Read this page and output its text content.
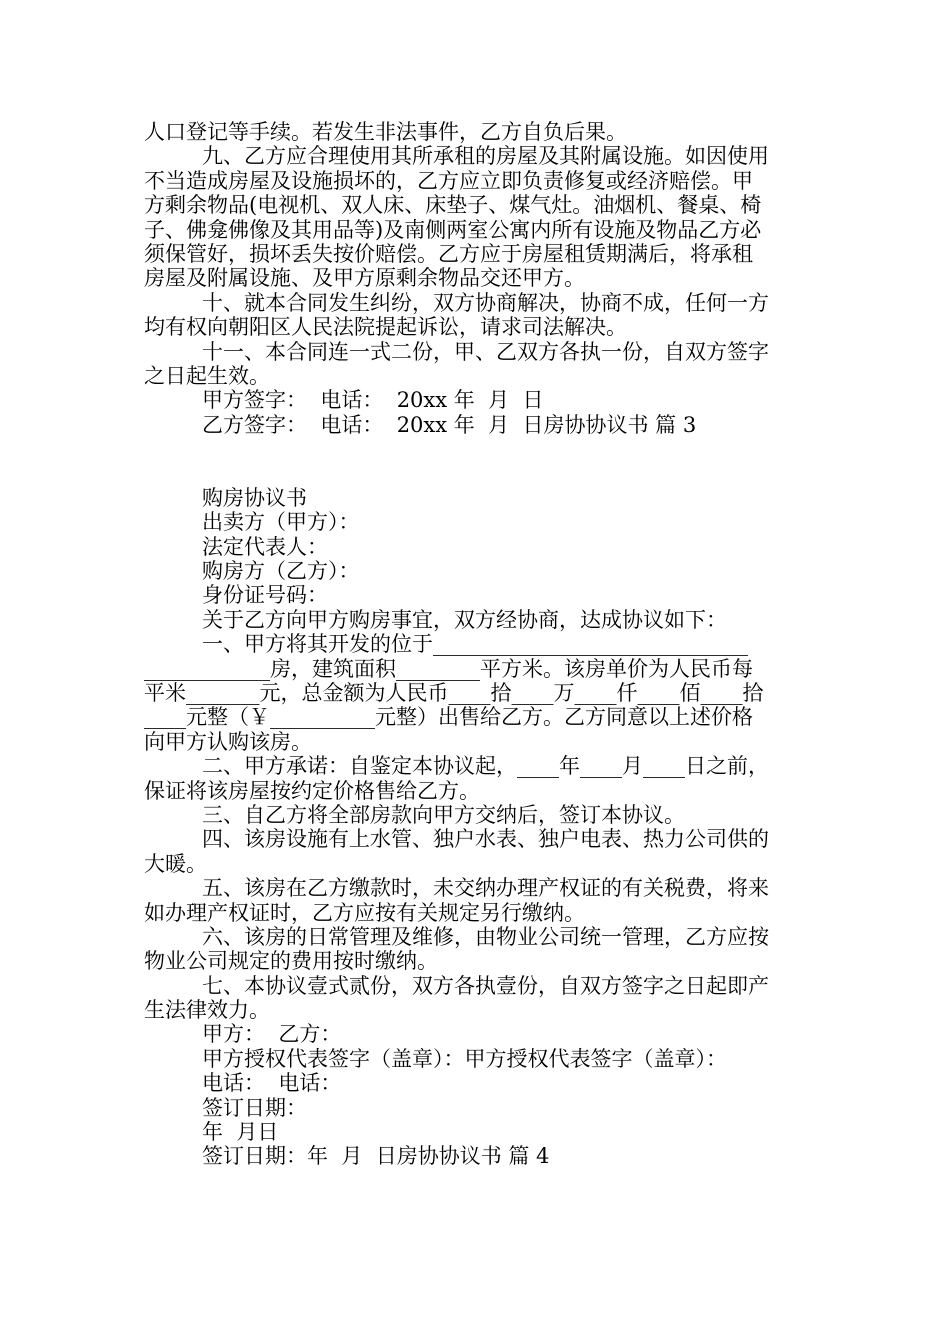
人口登记等手续。若发生非法事件，乙方自负后果。
九、乙方应合理使用其所承租的房屋及其附属设施。如因使用
不当造成房屋及设施损坏的，乙方应立即负责修复或经济赔偿。甲
方剩余物品(电视机、双人床、床垫子、煤气灶。油烟机、餐桌、椅
子、佛龛佛像及其用品等)及南侧两室公寓内所有设施及物品乙方必
须保管好，损坏丢失按价赔偿。乙方应于房屋租赁期满后，将承租
房屋及附属设施、及甲方原剩余物品交还甲方。
十、就本合同发生纠纷，双方协商解决，协商不成，任何一方
均有权向朝阳区人民法院提起诉讼，请求司法解决。
十一、本合同连一式二份，甲、乙双方各执一份，自双方签字
之日起生效。
甲方签字：  电话：  20xx 年  月  日
乙方签字：  电话：  20xx 年  月  日房协协议书 篇 3
购房协议书
出卖方（甲方）：
法定代表人：
购房方（乙方）：
身份证号码：
关于乙方向甲方购房事宜，双方经协商，达成协议如下：
一、甲方将其开发的位于______________________________
____________房，建筑面积________平方米。该房单价为人民币每
平米_______元，总金额为人民币____拾____万____仟____佰____拾
____元整（￥__________元整）出售给乙方。乙方同意以上述价格
向甲方认购该房。
二、甲方承诺：自鉴定本协议起，____年____月____日之前，
保证将该房屋按约定价格售给乙方。
三、自乙方将全部房款向甲方交纳后，签订本协议。
四、该房设施有上水管、独户水表、独户电表、热力公司供的
大暖。
五、该房在乙方缴款时，未交纳办理产权证的有关税费，将来
如办理产权证时，乙方应按有关规定另行缴纳。
六、该房的日常管理及维修，由物业公司统一管理，乙方应按
物业公司规定的费用按时缴纳。
七、本协议壹式贰份，双方各执壹份，自双方签字之日起即产
生法律效力。
甲方：  乙方：
甲方授权代表签字（盖章）：甲方授权代表签字（盖章）：
电话：  电话：
签订日期：
年  月日
签订日期：年  月  日房协协议书 篇 4
